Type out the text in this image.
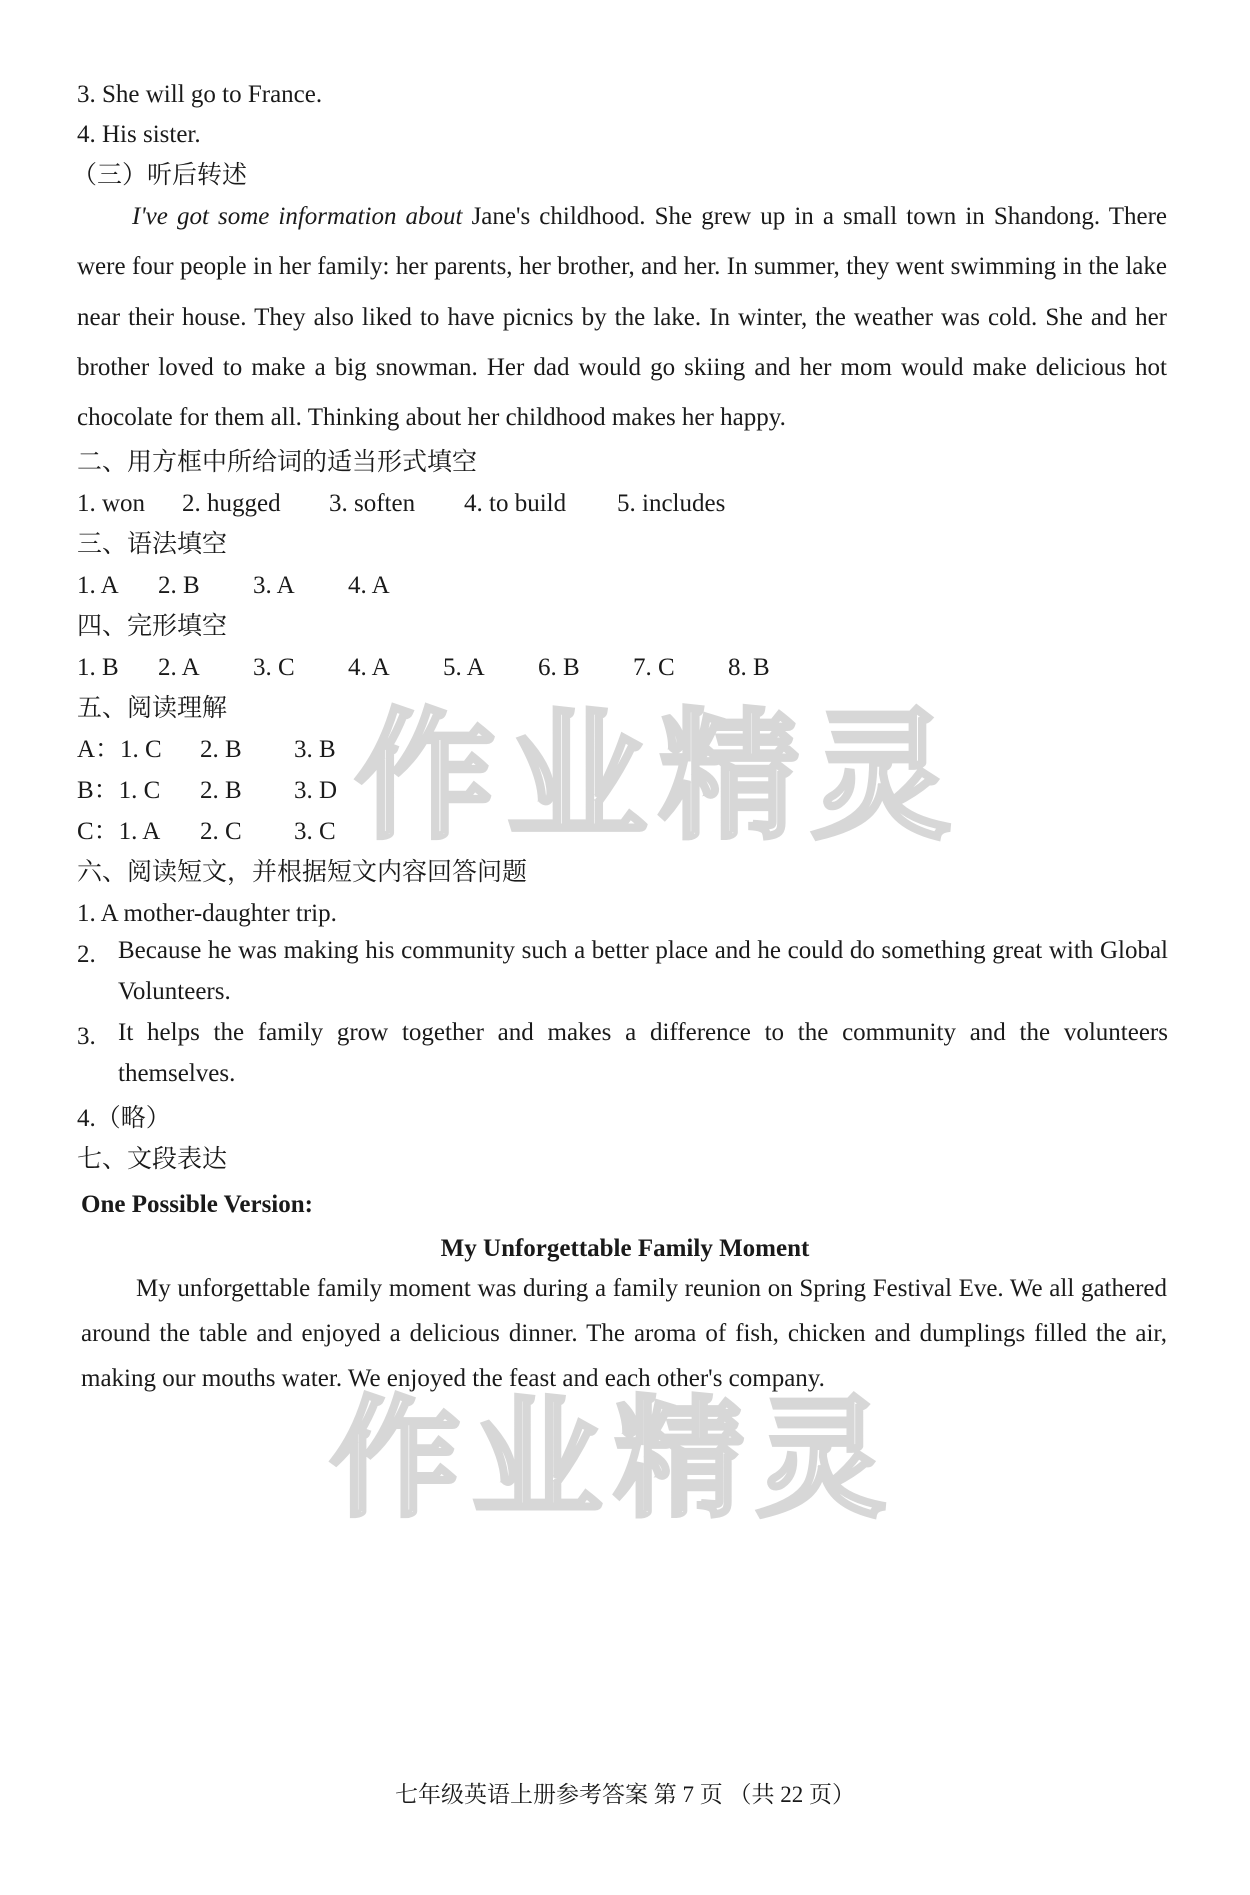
3. She will go to France.
4. His sister.
（三）听后转述
I've got some information about Jane's childhood. She grew up in a small town in Shandong. There were four people in her family: her parents, her brother, and her. In summer, they went swimming in the lake near their house. They also liked to have picnics by the lake. In winter, the weather was cold. She and her brother loved to make a big snowman. Her dad would go skiing and her mom would make delicious hot chocolate for them all. Thinking about her childhood makes her happy.
二、用方框中所给词的适当形式填空
1. won 2. hugged 3. soften 4. to build 5. includes
三、语法填空
1. A 2. B 3. A 4. A
四、完形填空
1. B 2. A 3. C 4. A 5. A 6. B 7. C 8. B
五、阅读理解
A：1. C 2. B 3. B
B：1. C 2. B 3. D
C：1. A 2. C 3. C
六、阅读短文，并根据短文内容回答问题
1. A mother-daughter trip.
2. Because he was making his community such a better place and he could do something great with Global Volunteers.
3. It helps the family grow together and makes a difference to the community and the volunteers themselves.
4.（略）
七、文段表达
One Possible Version:
My Unforgettable Family Moment
My unforgettable family moment was during a family reunion on Spring Festival Eve. We all gathered around the table and enjoyed a delicious dinner. The aroma of fish, chicken and dumplings filled the air, making our mouths water. We enjoyed the feast and each other's company.
七年级英语上册参考答案 第 7 页 （共 22 页）
作业精灵
作业精灵
